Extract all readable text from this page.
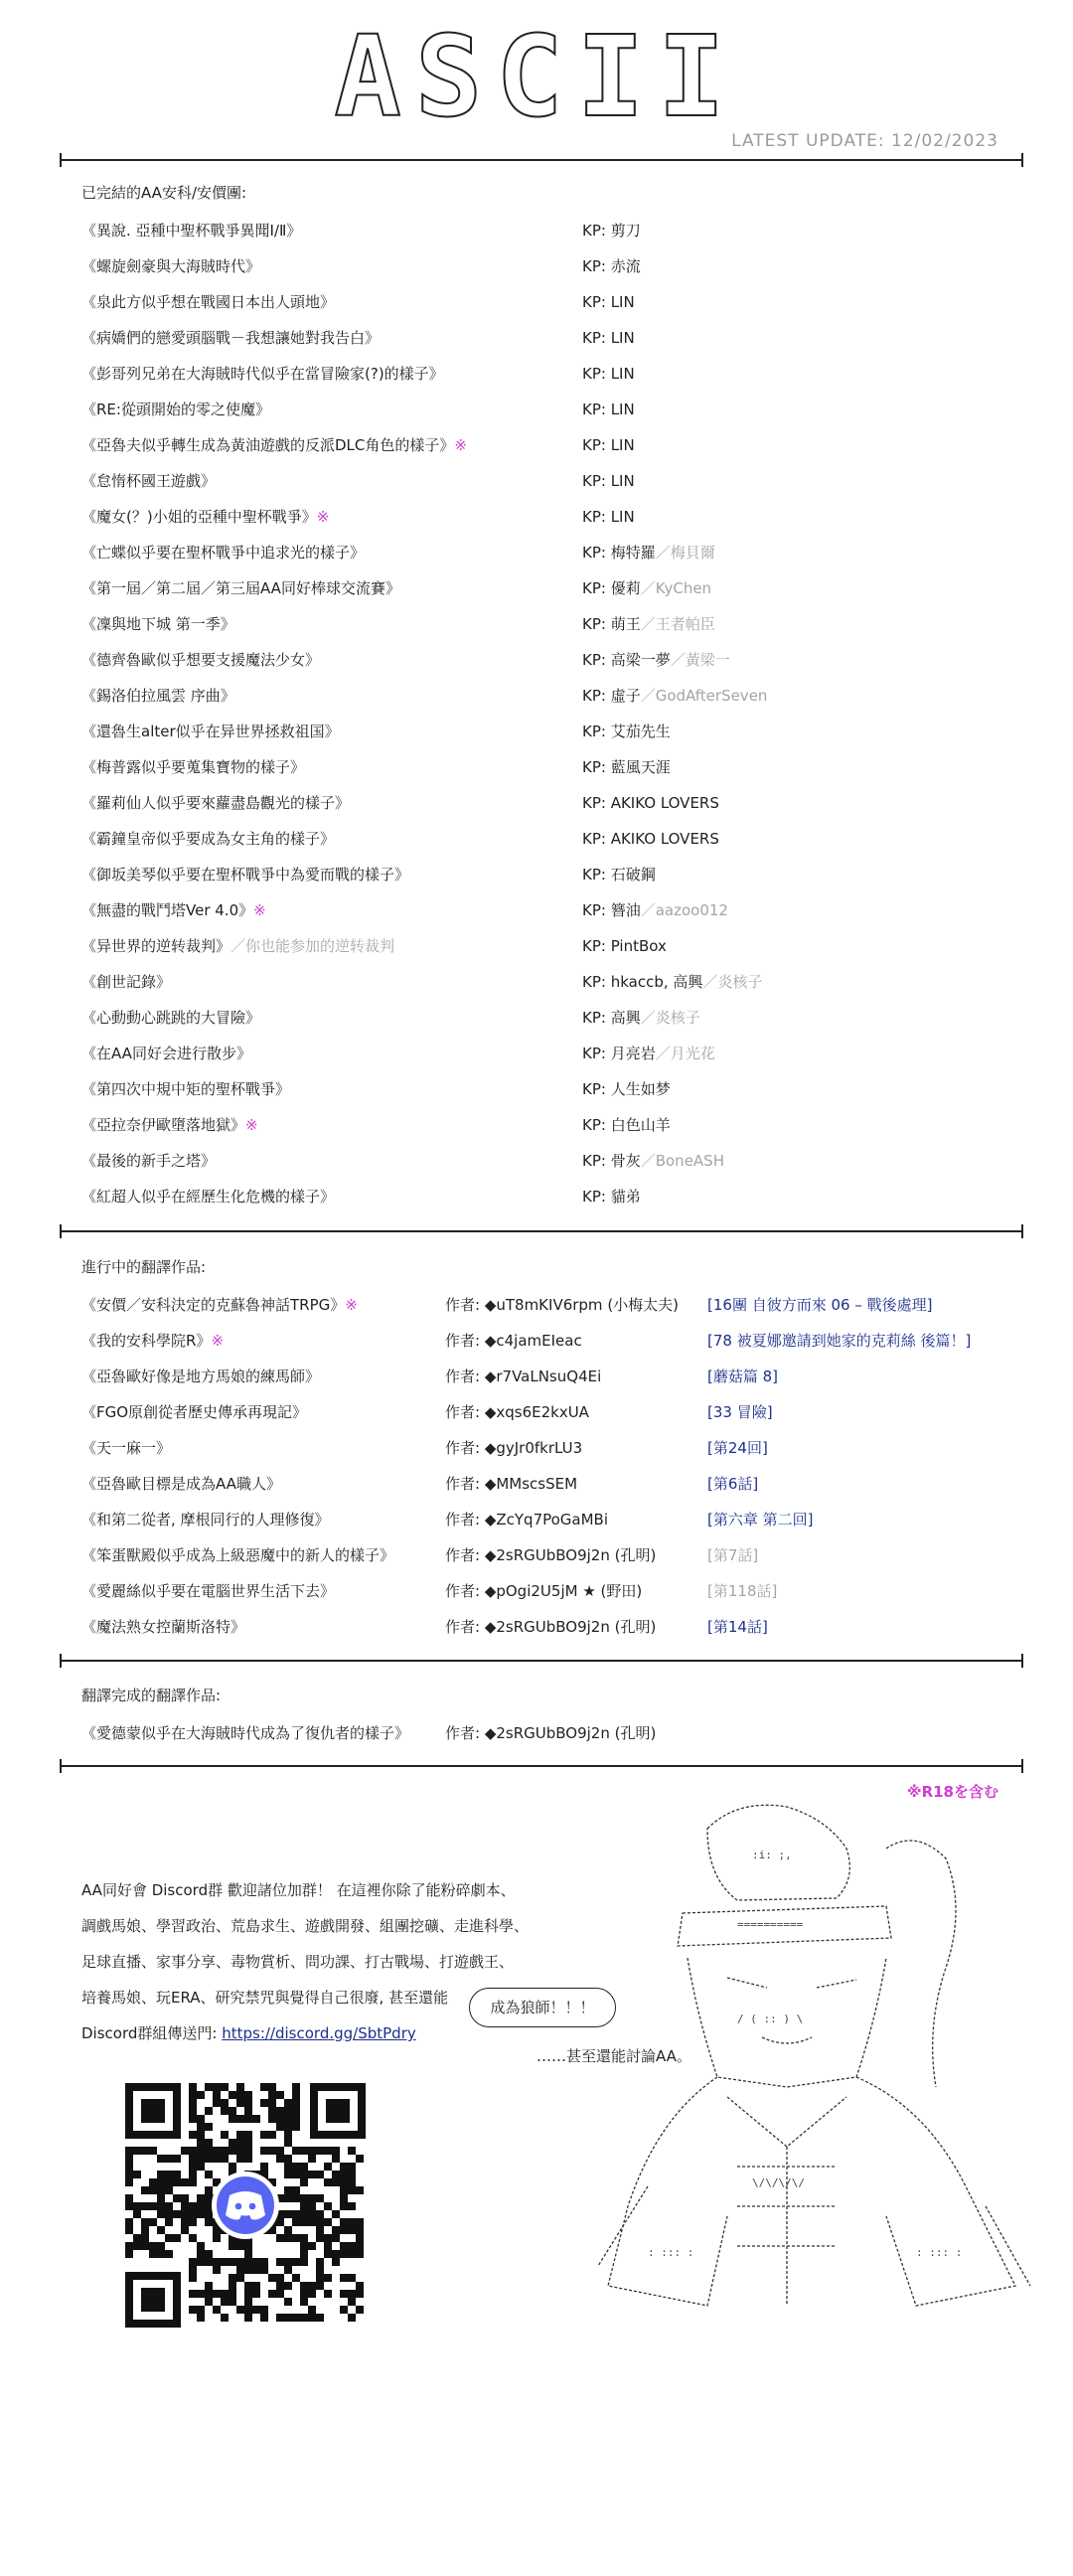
ASCII
LATEST UPDATE: 12/02/2023
已完結的AA安科/安價團:
《異說. 亞種中聖杯戰爭異聞Ⅰ/Ⅱ》	KP: 剪刀
《螺旋劍豪與大海賊時代》	KP: 赤流
《泉此方似乎想在戰國日本出人頭地》	KP: LIN
《病嬌們的戀愛頭腦戰－我想讓她對我告白》	KP: LIN
《彭哥列兄弟在大海賊時代似乎在當冒險家(?)的樣子》	KP: LIN
《RE:從頭開始的零之使魔》	KP: LIN
《亞魯夫似乎轉生成為黃油遊戲的反派DLC角色的樣子》※	KP: LIN
《怠惰杯國王遊戲》	KP: LIN
《魔女(？)小姐的亞種中聖杯戰爭》※	KP: LIN
《亡蝶似乎要在聖杯戰爭中追求光的樣子》	KP: 梅特羅／梅貝爾
《第一屆／第二屆／第三屆AA同好棒球交流賽》	KP: 優莉／KyChen
《凜與地下城 第一季》	KP: 萌王／王者帕臣
《德齊魯歐似乎想要支援魔法少女》	KP: 高梁一夢／黃梁一
《錫洛伯拉風雲 序曲》	KP: 虛子／GodAfterSeven
《還魯生alter似乎在异世界拯救祖国》	KP: 艾茄先生
《梅普露似乎要蒐集寶物的樣子》	KP: 藍風天涯
《羅莉仙人似乎要來蘿盡島觀光的樣子》	KP: AKIKO LOVERS
《霸鐘皇帝似乎要成為女主角的樣子》	KP: AKIKO LOVERS
《御坂美琴似乎要在聖杯戰爭中為愛而戰的樣子》	KP: 石破鋼
《無盡的戰鬥塔Ver 4.0》※	KP: 簪油／aazoo012
《异世界的逆转裁判》／你也能参加的逆转裁判	KP: PintBox
《創世記錄》	KP: hkaccb, 高興／炎核子
《心動動心跳跳的大冒險》	KP: 高興／炎核子
《在AA同好会进行散步》	KP: 月亮岩／月光花
《第四次中規中矩的聖杯戰爭》	KP: 人生如梦
《亞拉奈伊歐墮落地獄》※	KP: 白色山羊
《最後的新手之塔》	KP: 骨灰／BoneASH
《紅超人似乎在經歷生化危機的樣子》	KP: 貓弟
進行中的翻譯作品:
《安價／安科決定的克蘇魯神話TRPG》※	作者: ◆uT8mKIV6rpm (小梅太夫) [16團 自彼方而來 06 – 戰後處理]
《我的安科學院R》※	作者: ◆c4jamEIeac	[78 被夏娜邀請到她家的克莉絲 後篇！]
《亞魯歐好像是地方馬娘的練馬師》	作者: ◆r7VaLNsuQ4Ei	[蘑菇篇 8]
《FGO原創從者歷史傳承再現記》	作者: ◆xqs6E2kxUA	[33 冒險]
《天一麻一》	作者: ◆gyJr0fkrLU3	[第24回]
《亞魯歐目標是成為AA職人》	作者: ◆MMscsSEM	[第6話]
《和第二從者, 摩根同行的人理修復》	作者: ◆ZcYq7PoGaMBi	[第六章 第二回]
《笨蛋獸殿似乎成為上級惡魔中的新人的樣子》	作者: ◆2sRGUbBO9j2n (孔明)	[第7話]
《愛麗絲似乎要在電腦世界生活下去》	作者: ◆pOgi2U5jM ★ (野田)	[第118話]
《魔法熟女控蘭斯洛特》	作者: ◆2sRGUbBO9j2n (孔明)	[第14話]
翻譯完成的翻譯作品:
《愛德蒙似乎在大海賊時代成為了復仇者的樣子》 作者: ◆2sRGUbBO9j2n (孔明)
※R18を含む
AA同好會 Discord群 歡迎諸位加群！ 在這裡你除了能粉碎劇本、
調戲馬娘、學習政治、荒島求生、遊戲開發、組團挖礦、走進科學、
足球直播、家事分享、毒物賞析、問功課、打古戰場、打遊戲王、
培養馬娘、玩ERA、研究禁咒與覺得自己很廢, 甚至還能
Discord群組傳送門: https://discord.gg/SbtPdry
成為狼師！！！
……甚至還能討論AA。
:i: ;,
==========
/ ( :: ) \
\/\/\/\/
: ::: :	: ::: :
